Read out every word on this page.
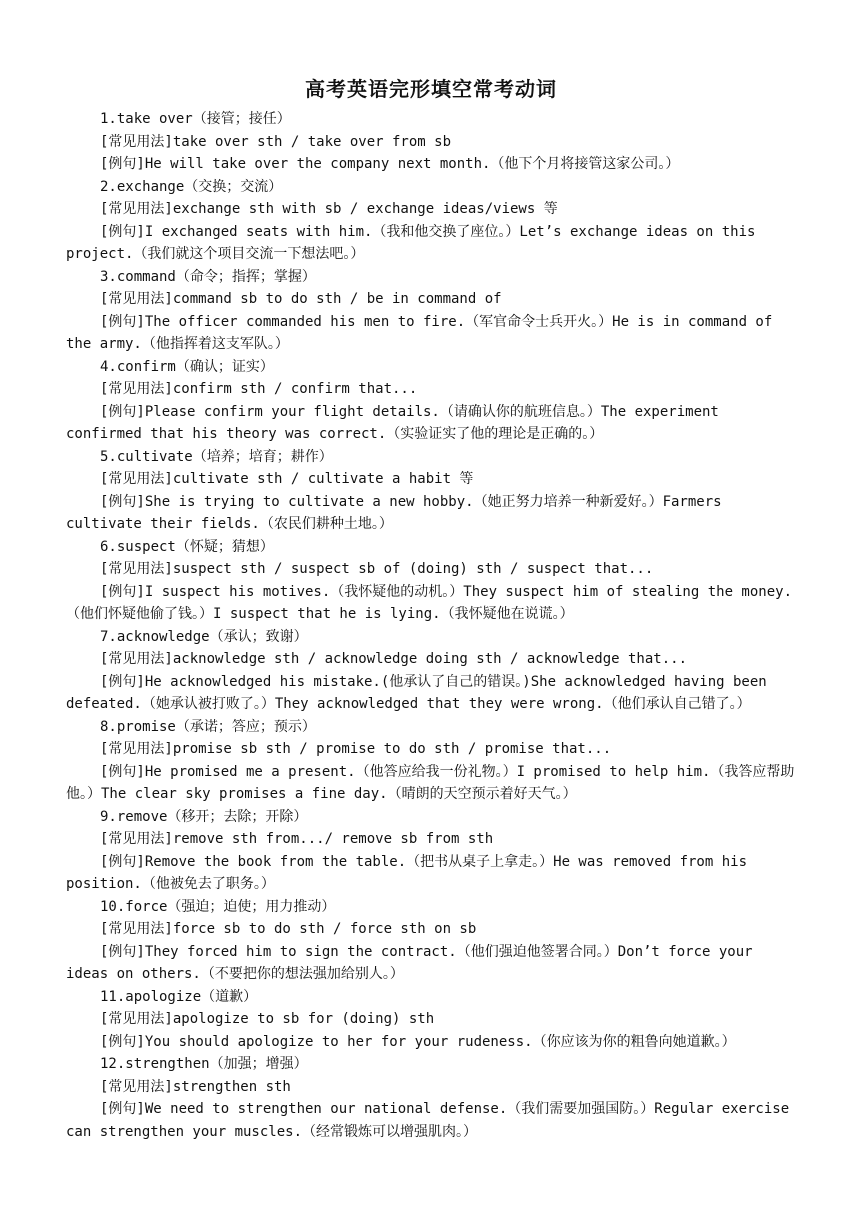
高考英语完形填空常考动词
1.take over（接管；接任）
[常见用法]take over sth / take over from sb
[例句]He will take over the company next month.（他下个月将接管这家公司。）
2.exchange（交换；交流）
[常见用法]exchange sth with sb / exchange ideas/views 等
[例句]I exchanged seats with him.（我和他交换了座位。）Let’s exchange ideas on this project.（我们就这个项目交流一下想法吧。）
3.command（命令；指挥；掌握）
[常见用法]command sb to do sth / be in command of
[例句]The officer commanded his men to fire.（军官命令士兵开火。）He is in command of the army.（他指挥着这支军队。）
4.confirm（确认；证实）
[常见用法]confirm sth / confirm that...
[例句]Please confirm your flight details.（请确认你的航班信息。）The experiment confirmed that his theory was correct.（实验证实了他的理论是正确的。）
5.cultivate（培养；培育；耕作）
[常见用法]cultivate sth / cultivate a habit 等
[例句]She is trying to cultivate a new hobby.（她正努力培养一种新爱好。）Farmers cultivate their fields.（农民们耕种土地。）
6.suspect（怀疑；猜想）
[常见用法]suspect sth / suspect sb of (doing) sth / suspect that...
[例句]I suspect his motives.（我怀疑他的动机。）They suspect him of stealing the money.（他们怀疑他偷了钱。）I suspect that he is lying.（我怀疑他在说谎。）
7.acknowledge（承认；致谢）
[常见用法]acknowledge sth / acknowledge doing sth / acknowledge that...
[例句]He acknowledged his mistake.(他承认了自己的错误。)She acknowledged having been defeated.（她承认被打败了。）They acknowledged that they were wrong.（他们承认自己错了。）
8.promise（承诺；答应；预示）
[常见用法]promise sb sth / promise to do sth / promise that...
[例句]He promised me a present.（他答应给我一份礼物。）I promised to help him.（我答应帮助他。）The clear sky promises a fine day.（晴朗的天空预示着好天气。）
9.remove（移开；去除；开除）
[常见用法]remove sth from.../ remove sb from sth
[例句]Remove the book from the table.（把书从桌子上拿走。）He was removed from his position.（他被免去了职务。）
10.force（强迫；迫使；用力推动）
[常见用法]force sb to do sth / force sth on sb
[例句]They forced him to sign the contract.（他们强迫他签署合同。）Don’t force your ideas on others.（不要把你的想法强加给别人。）
11.apologize（道歉）
[常见用法]apologize to sb for (doing) sth
[例句]You should apologize to her for your rudeness.（你应该为你的粗鲁向她道歉。）
12.strengthen（加强；增强）
[常见用法]strengthen sth
[例句]We need to strengthen our national defense.（我们需要加强国防。）Regular exercise can strengthen your muscles.（经常锻炼可以增强肌肉。）
